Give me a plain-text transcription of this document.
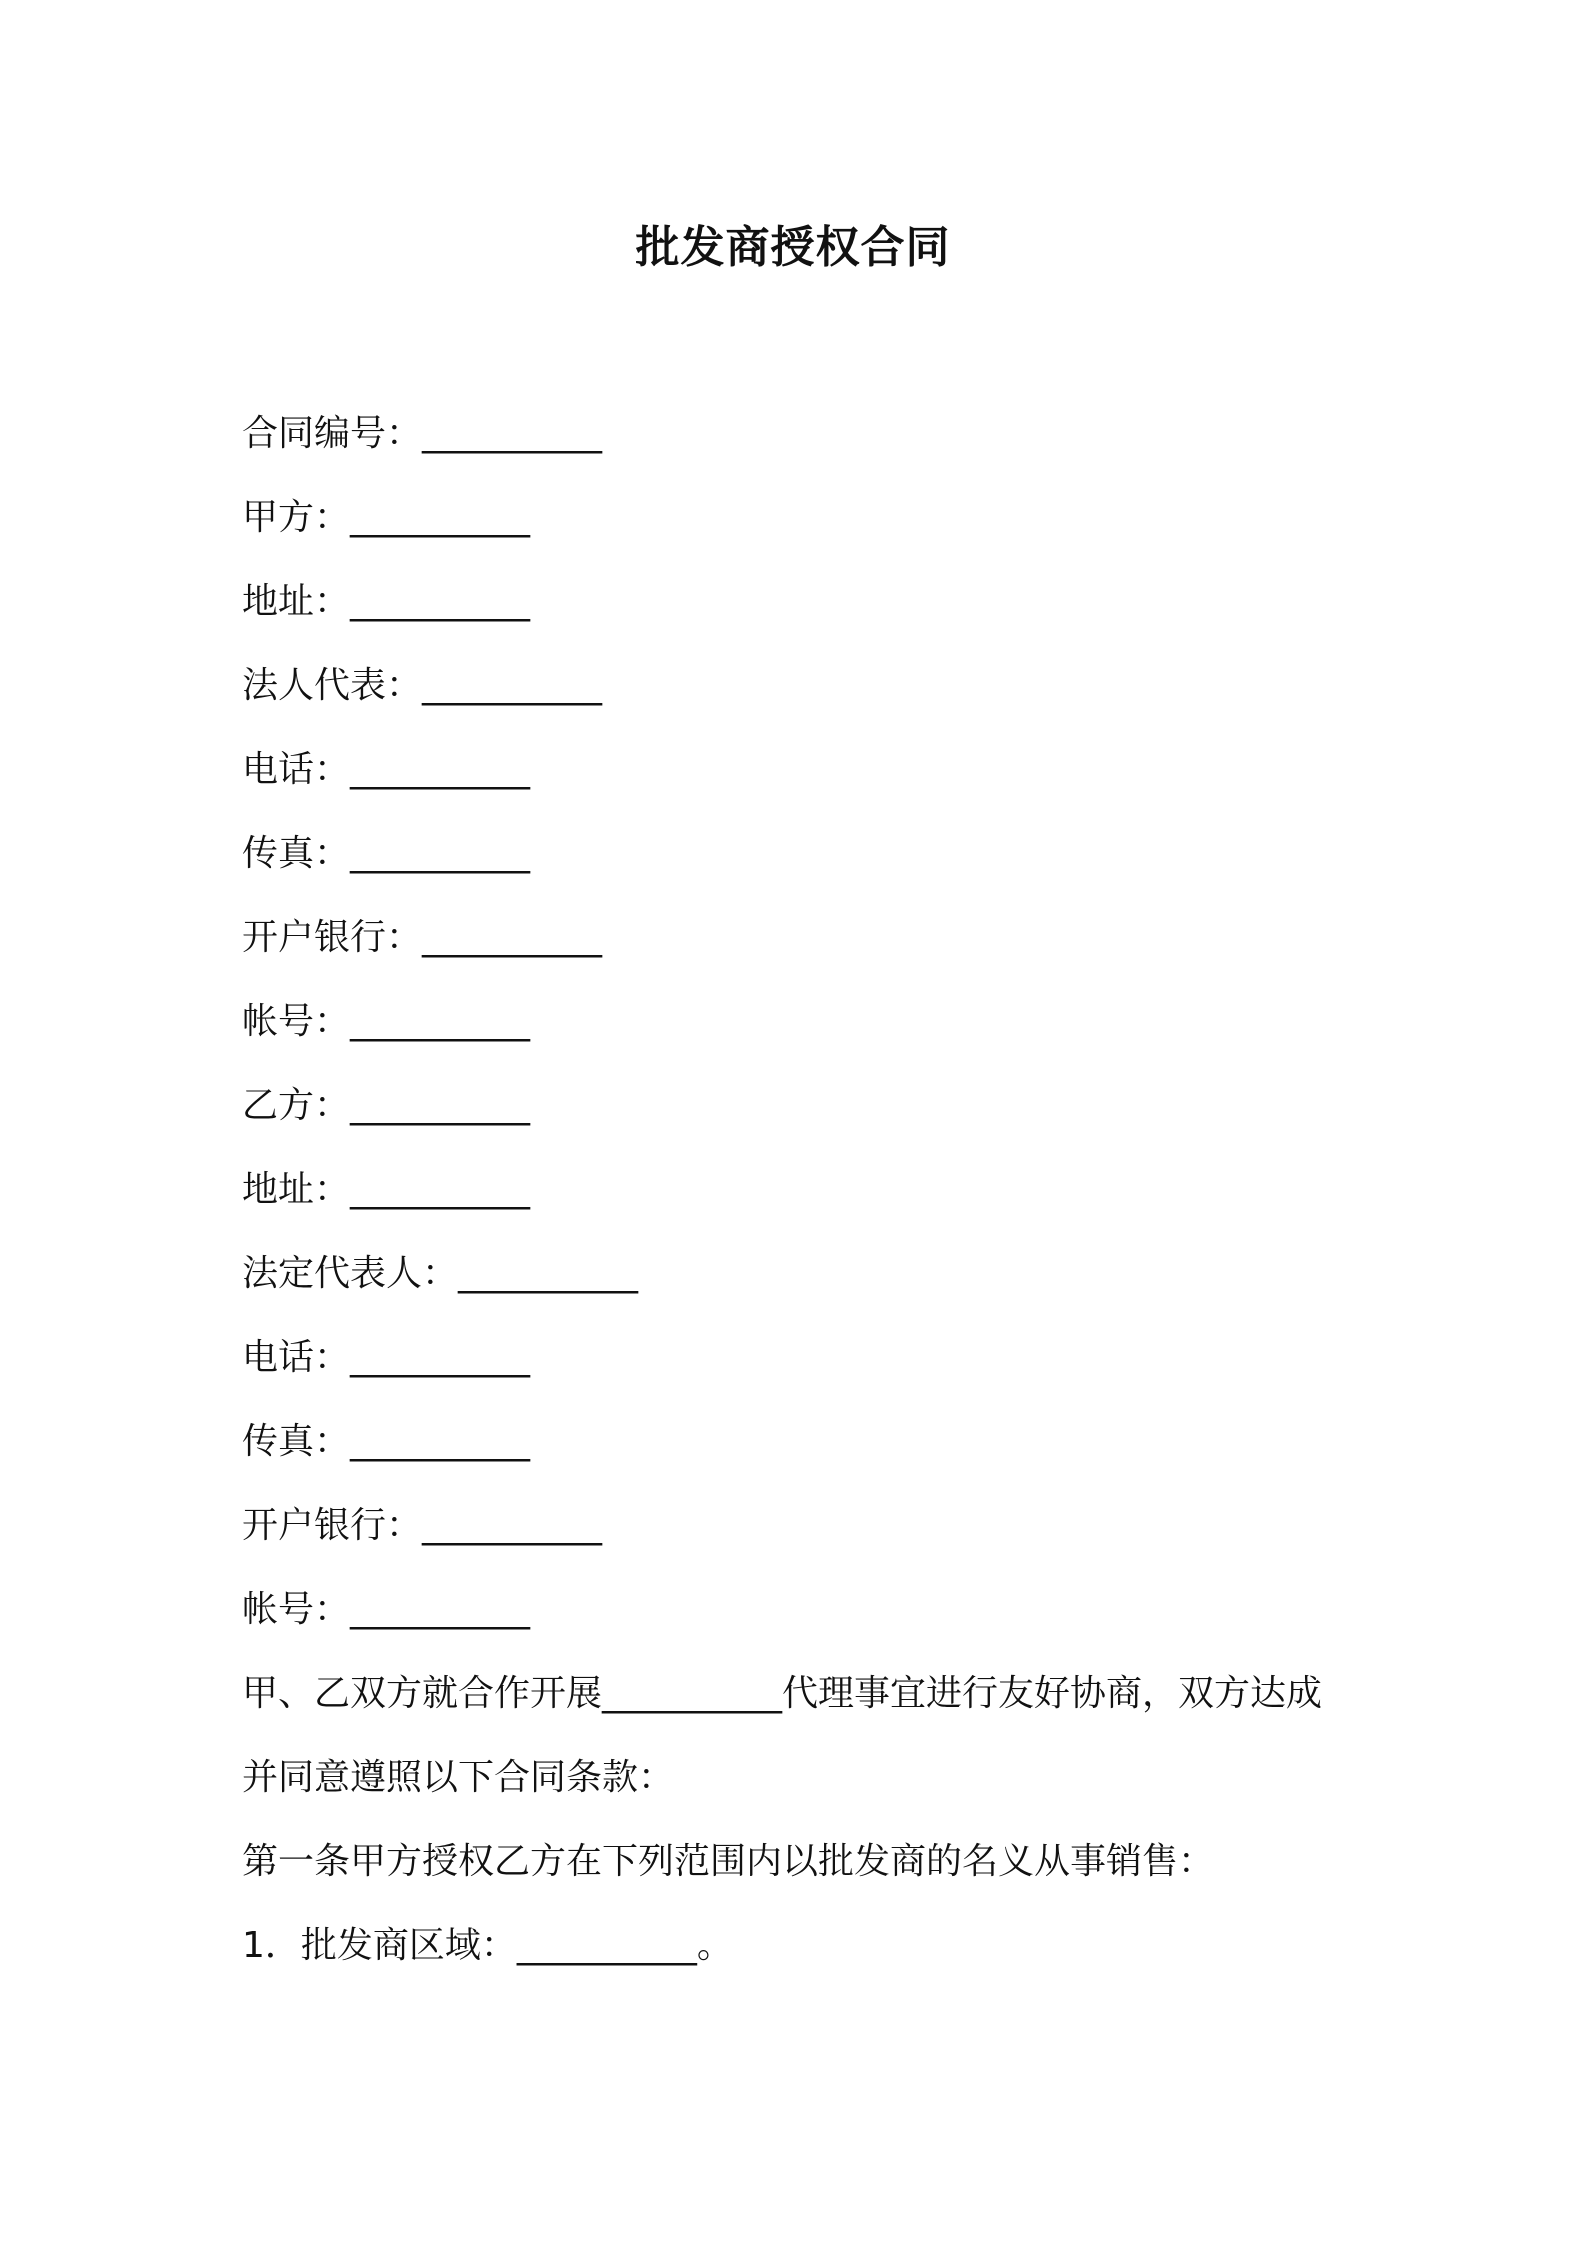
批发商授权合同
合同编号：__________
甲方：__________
地址：__________
法人代表：__________
电话：__________
传真：__________
开户银行：__________
帐号：__________
乙方：__________
地址：__________
法定代表人：__________
电话：__________
传真：__________
开户银行：__________
帐号：__________
甲、乙双方就合作开展__________代理事宜进行友好协商，双方达成
并同意遵照以下合同条款：
第一条甲方授权乙方在下列范围内以批发商的名义从事销售：
1．批发商区域：__________。
